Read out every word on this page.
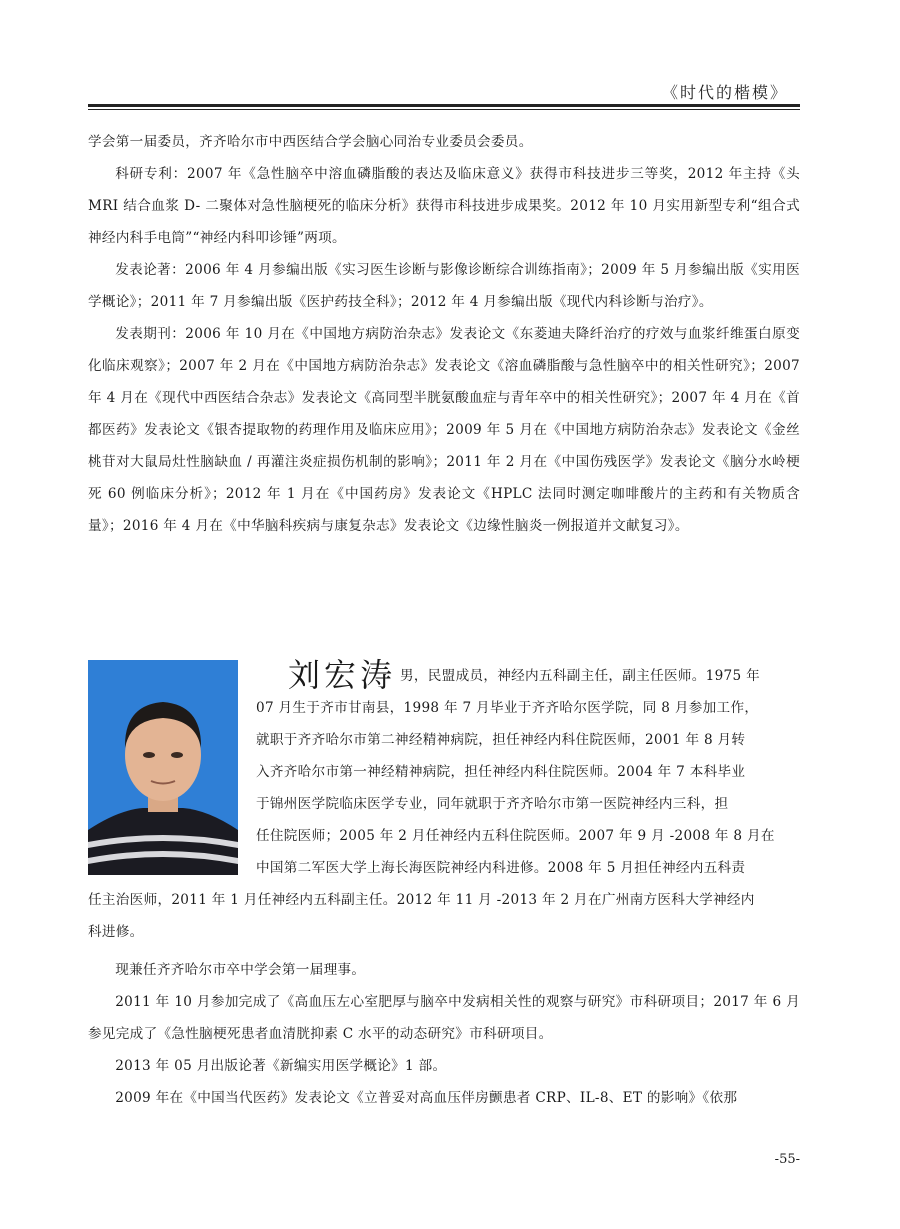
《时代的楷模》

学会第一届委员，齐齐哈尔市中西医结合学会脑心同治专业委员会委员。

科研专利：2007 年《急性脑卒中溶血磷脂酸的表达及临床意义》获得市科技进步三等奖，2012 年主持《头 MRI 结合血浆 D- 二聚体对急性脑梗死的临床分析》获得市科技进步成果奖。2012 年 10 月实用新型专利“组合式神经内科手电筒”“神经内科叩诊锤”两项。

发表论著：2006 年 4 月参编出版《实习医生诊断与影像诊断综合训练指南》；2009 年 5 月参编出版《实用医学概论》；2011 年 7 月参编出版《医护药技全科》；2012 年 4 月参编出版《现代内科诊断与治疗》。

发表期刊：2006 年 10 月在《中国地方病防治杂志》发表论文《东菱迪夫降纤治疗的疗效与血浆纤维蛋白原变化临床观察》；2007 年 2 月在《中国地方病防治杂志》发表论文《溶血磷脂酸与急性脑卒中的相关性研究》；2007 年 4 月在《现代中西医结合杂志》发表论文《高同型半胱氨酸血症与青年卒中的相关性研究》；2007 年 4 月在《首都医药》发表论文《银杏提取物的药理作用及临床应用》；2009 年 5 月在《中国地方病防治杂志》发表论文《金丝桃苷对大鼠局灶性脑缺血 / 再灌注炎症损伤机制的影响》；2011 年 2 月在《中国伤残医学》发表论文《脑分水岭梗死 60 例临床分析》；2012 年 1 月在《中国药房》发表论文《HPLC 法同时测定咖啡酸片的主药和有关物质含量》；2016 年 4 月在《中华脑科疾病与康复杂志》发表论文《边缘性脑炎一例报道并文献复习》。

刘宏涛 男，民盟成员，神经内五科副主任，副主任医师。1975 年
07 月生于齐市甘南县，1998 年 7 月毕业于齐齐哈尔医学院，同 8 月参加工作，
就职于齐齐哈尔市第二神经精神病院，担任神经内科住院医师，2001 年 8 月转
入齐齐哈尔市第一神经精神病院，担任神经内科住院医师。2004 年 7 本科毕业
于锦州医学院临床医学专业，同年就职于齐齐哈尔市第一医院神经内三科，担
任住院医师；2005 年 2 月任神经内五科住院医师。2007 年 9 月 -2008 年 8 月在
中国第二军医大学上海长海医院神经内科进修。2008 年 5 月担任神经内五科责
任主治医师，2011 年 1 月任神经内五科副主任。2012 年 11 月 -2013 年 2 月在广州南方医科大学神经内
科进修。

现兼任齐齐哈尔市卒中学会第一届理事。

2011 年 10 月参加完成了《高血压左心室肥厚与脑卒中发病相关性的观察与研究》市科研项目；2017 年 6 月参见完成了《急性脑梗死患者血清胱抑素 C 水平的动态研究》市科研项目。

2013 年 05 月出版论著《新编实用医学概论》1 部。

2009 年在《中国当代医药》发表论文《立普妥对高血压伴房颤患者 CRP、IL-8、ET 的影响》《依那

-55-
